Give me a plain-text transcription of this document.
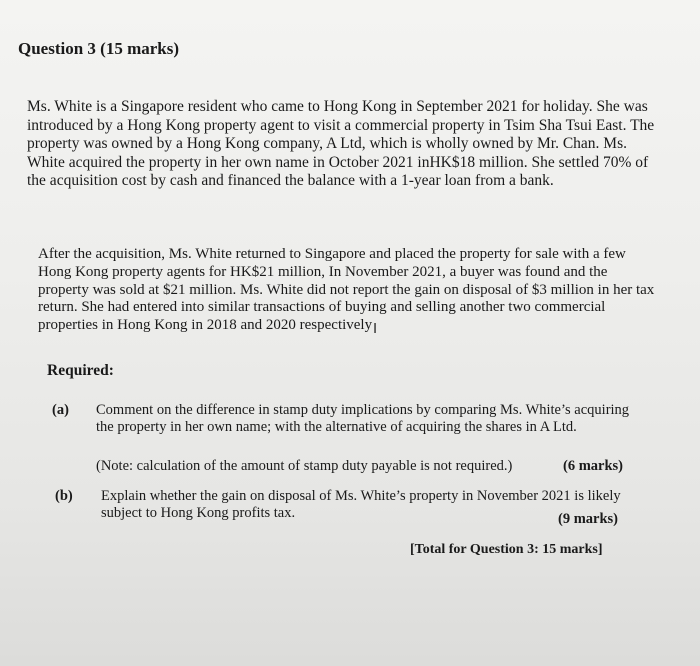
Question 3 (15 marks)

Ms. White is a Singapore resident who came to Hong Kong in September 2021 for holiday. She was introduced by a Hong Kong property agent to visit a commercial property in Tsim Sha Tsui East. The property was owned by a Hong Kong company, A Ltd, which is wholly owned by Mr. Chan. Ms. White acquired the property in her own name in October 2021 inHK$18 million. She settled 70% of the acquisition cost by cash and financed the balance with a 1-year loan from a bank.

After the acquisition, Ms. White returned to Singapore and placed the property for sale with a few Hong Kong property agents for HK$21 million, In November 2021, a buyer was found and the property was sold at $21 million. Ms. White did not report the gain on disposal of $3 million in her tax return. She had entered into similar transactions of buying and selling another two commercial properties in Hong Kong in 2018 and 2020 respectivelyI

Required:
(a) Comment on the difference in stamp duty implications by comparing Ms. White’s acquiring the property in her own name; with the alternative of acquiring the shares in A Ltd.

(Note: calculation of the amount of stamp duty payable is not required.)	(6 marks)
(b) Explain whether the gain on disposal of Ms. White’s property in November 2021 is likely subject to Hong Kong profits tax.	(9 marks)
[Total for Question 3: 15 marks]
